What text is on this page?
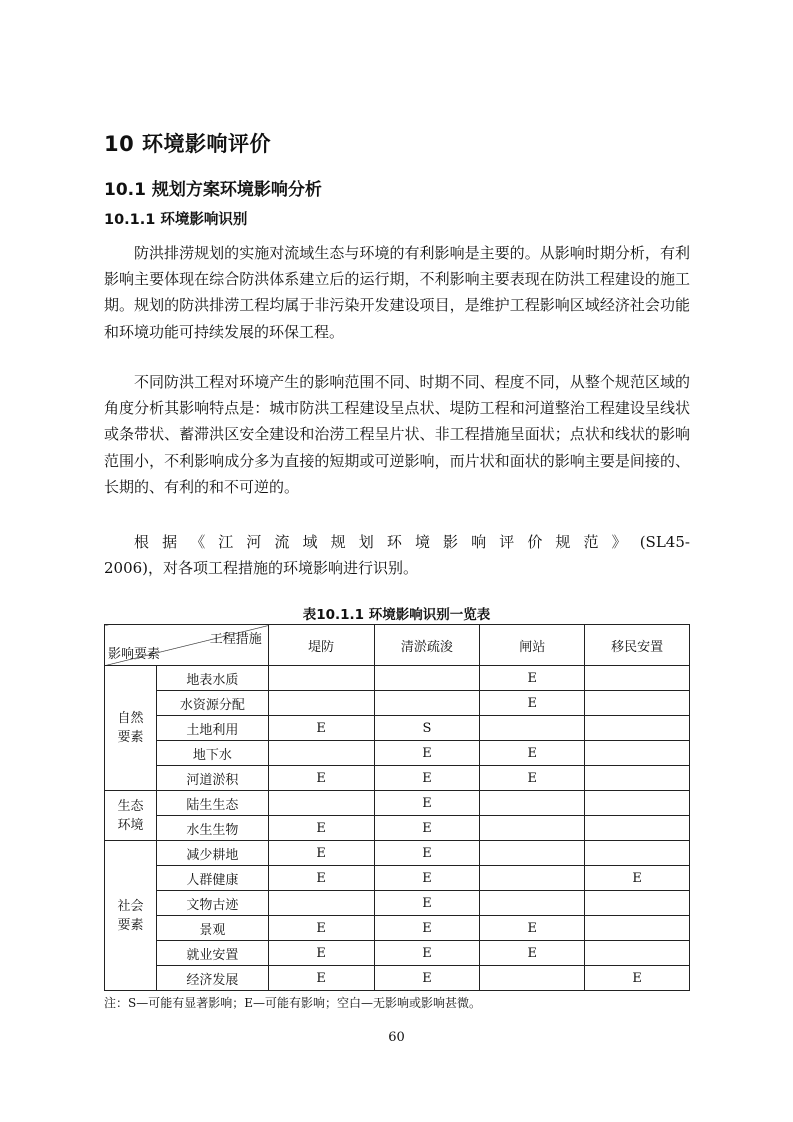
10 环境影响评价
10.1 规划方案环境影响分析
10.1.1 环境影响识别

防洪排涝规划的实施对流域生态与环境的有利影响是主要的。从影响时期分析，有利影响主要体现在综合防洪体系建立后的运行期，不利影响主要表现在防洪工程建设的施工期。规划的防洪排涝工程均属于非污染开发建设项目，是维护工程影响区域经济社会功能和环境功能可持续发展的环保工程。

不同防洪工程对环境产生的影响范围不同、时期不同、程度不同，从整个规范区域的角度分析其影响特点是：城市防洪工程建设呈点状、堤防工程和河道整治工程建设呈线状或条带状、蓄滞洪区安全建设和治涝工程呈片状、非工程措施呈面状；点状和线状的影响范围小，不利影响成分多为直接的短期或可逆影响，而片状和面状的影响主要是间接的、长期的、有利的和不可逆的。

根 据 《 江 河 流 域 规 划 环 境 影 响 评 价 规 范 》 (SL45-
2006)，对各项工程措施的环境影响进行识别。
表10.1.1 环境影响识别一览表
工程措施
影响要素		堤防	清淤疏浚	闸站	移民安置

自然
要素	地表水质			E	
	水资源分配			E	
	土地利用	E	S		
	地下水		E	E	
	河道淤积	E	E	E	

生态
环境	陆生生态		E		
	水生生物	E	E		

社会
要素	减少耕地	E	E		
	人群健康	E	E		E
	文物古迹		E		
	景观	E	E	E	
	就业安置	E	E	E	
	经济发展	E	E		E
注：S—可能有显著影响；E—可能有影响；空白—无影响或影响甚微。
60
